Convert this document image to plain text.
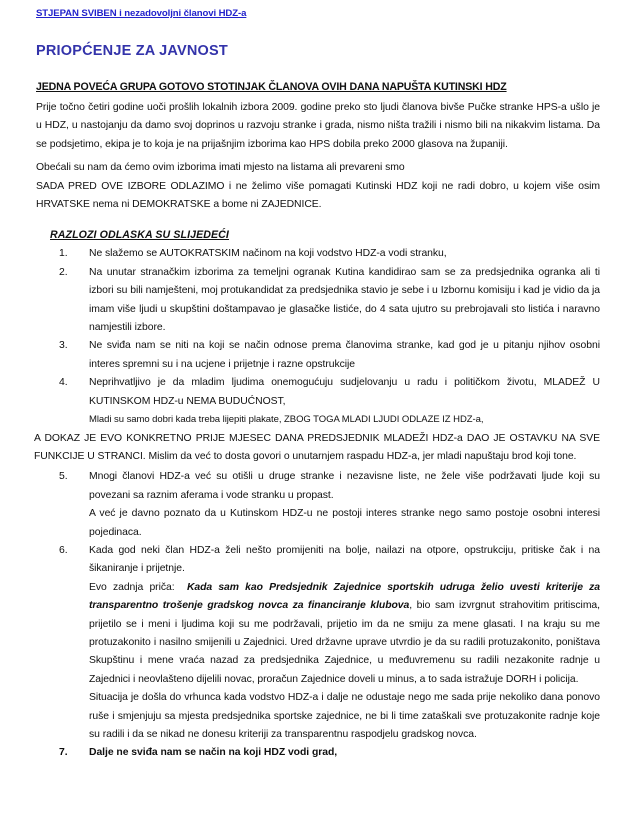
STJEPAN SVIBEN i nezadovoljni članovi HDZ-a
PRIOPĆENJE ZA JAVNOST
JEDNA POVEĆA GRUPA GOTOVO STOTINJAK ČLANOVA OVIH DANA NAPUŠTA KUTINSKI HDZ
Prije točno četiri godine uoči prošlih lokalnih izbora 2009. godine preko sto ljudi članova bivše Pučke stranke HPS-a ušlo je u HDZ, u nastojanju da damo svoj doprinos u razvoju stranke i grada, nismo ništa tražili i nismo bili na nikakvim listama. Da se podsjetimo, ekipa je to koja je na prijašnjim izborima kao HPS dobila preko 2000 glasova na županiji.
Obećali su nam da ćemo ovim izborima imati mjesto na listama ali prevareni smo
SADA PRED OVE IZBORE ODLAZIMO i ne želimo više pomagati Kutinski HDZ koji ne radi dobro, u kojem više osim HRVATSKE nema ni DEMOKRATSKE a bome ni ZAJEDNICE.
RAZLOZI ODLASKA SU SLIJEDEĆI
1.	Ne slažemo se AUTOKRATSKIM načinom na koji vodstvo HDZ-a vodi stranku,
2.	Na unutar stranačkim izborima za temeljni ogranak Kutina kandidirao sam se za predsjednika ogranka ali ti izbori su bili namješteni, moj protukandidat za predsjednika stavio je sebe i u Izbornu komisiju i kad je vidio da ja imam više ljudi u skupštini doštampavao je glasačke listiće, do 4 sata ujutro su prebrojavali sto listića i naravno namjestili izbore.
3.	Ne sviđa nam se niti na koji se način odnose prema članovima stranke, kad god je u pitanju njihov osobni interes spremni su i na ucjene i prijetnje i razne opstrukcije
4.	Neprihvatljivo je da mladim ljudima onemogućuju sudjelovanju u radu i političkom životu, MLADEŽ U KUTINSKOM HDZ-u NEMA BUDUĆNOST,
Mladi su samo dobri kada treba lijepiti plakate, ZBOG TOGA MLADI LJUDI ODLAZE IZ HDZ-a,
A DOKAZ JE EVO KONKRETNO PRIJE MJESEC DANA PREDSJEDNIK MLADEŽI HDZ-a DAO JE OSTAVKU NA SVE FUNKCIJE U STRANCI. Mislim da već to dosta govori o unutarnjem raspadu HDZ-a, jer mladi napuštaju brod koji tone.
5.	Mnogi članovi HDZ-a već su otišli u druge stranke i nezavisne liste, ne žele više podržavati ljude koji su povezani sa raznim aferama i vode stranku u propast.
A već je davno poznato da u Kutinskom HDZ-u ne postoji interes stranke nego samo postoje osobni interesi pojedinaca.
6.	Kada god neki član HDZ-a želi nešto promijeniti na bolje, nailazi na otpore, opstrukciju, pritiske čak i na šikaniranje i prijetnje.
Evo zadnja priča: Kada sam kao Predsjednik Zajednice sportskih udruga želio uvesti kriterije za transparentno trošenje gradskog novca za financiranje klubova, bio sam izvrgnut strahovitim pritiscima, prijetilo se i meni i ljudima koji su me podržavali, prijetio im da ne smiju za mene glasati. I na kraju su me protuzakonito i nasilno smijenili u Zajednici. Ured državne uprave utvrdio je da su radili protuzakonito, poništava Skupštinu i mene vraća nazad za predsjednika Zajednice, u međuvremenu su radili nezakonite radnje u Zajednici i neovlašteno dijelili novac, proračun Zajednice doveli u minus, a to sada istražuje DORH i policija.
Situacija je došla do vrhunca kada vodstvo HDZ-a i dalje ne odustaje nego me sada prije nekoliko dana ponovo ruše i smjenjuju sa mjesta predsjednika sportske zajednice, ne bi li time zataškali sve protuzakonite radnje koje su radili i da se nikad ne donesu kriteriji za transparentnu raspodjelu gradskog novca.
7.	Dalje ne sviđa nam se način na koji HDZ vodi grad,
